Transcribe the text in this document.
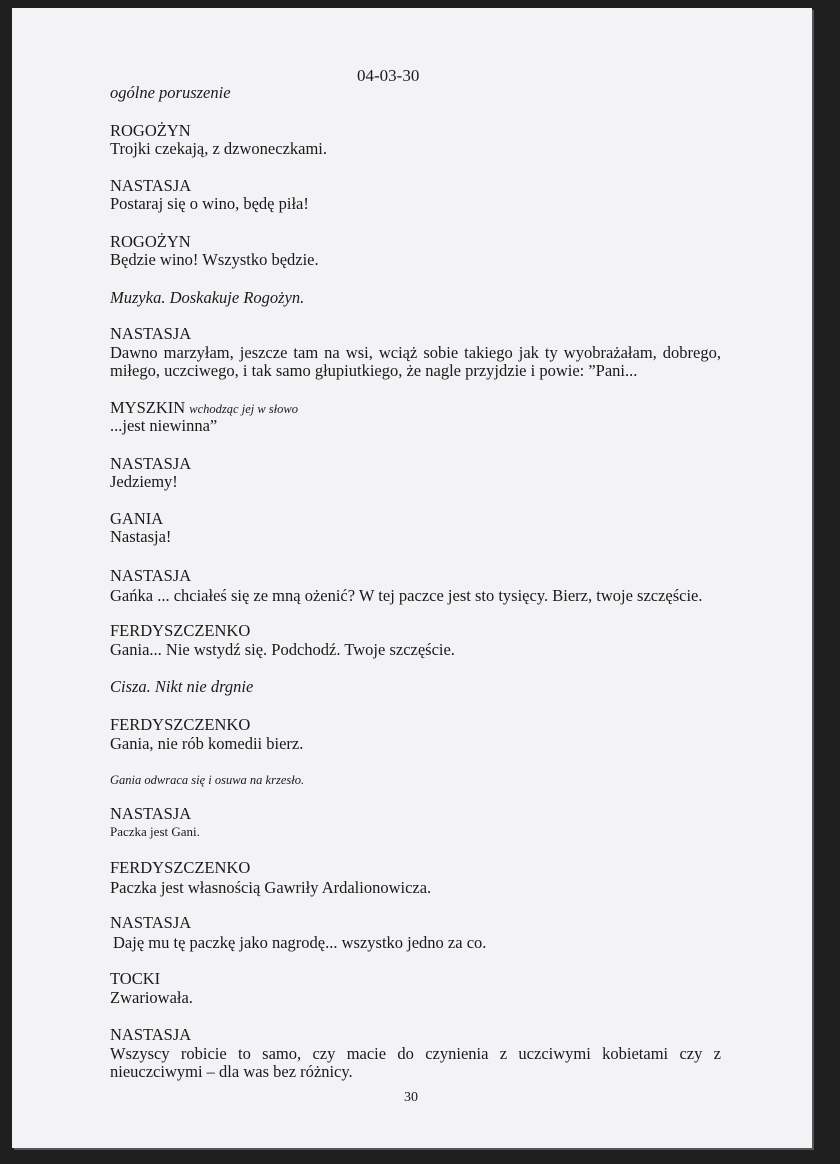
04-03-30
ogólne poruszenie
ROGOŻYN
Trojki czekają, z dzwoneczkami.
NASTASJA
Postaraj się o wino, będę piła!
ROGOŻYN
Będzie wino! Wszystko będzie.
Muzyka. Doskakuje Rogożyn.
NASTASJA
Dawno marzyłam, jeszcze tam na wsi, wciąż sobie takiego jak ty wyobrażałam, dobrego,
miłego, uczciwego, i tak samo głupiutkiego, że nagle przyjdzie i powie: ”Pani...
MYSZKIN wchodząc jej w słowo
...jest niewinna”
NASTASJA
Jedziemy!
GANIA
Nastasja!
NASTASJA
Gańka ... chciałeś się ze mną ożenić? W tej paczce jest sto tysięcy. Bierz, twoje szczęście.
FERDYSZCZENKO
Gania... Nie wstydź się. Podchodź. Twoje szczęście.
Cisza. Nikt nie drgnie
FERDYSZCZENKO
Gania, nie rób komedii bierz.
Gania odwraca się i osuwa na krzesło.
NASTASJA
Paczka jest Gani.
FERDYSZCZENKO
Paczka jest własnością Gawriły Ardalionowicza.
NASTASJA
Daję mu tę paczkę jako nagrodę... wszystko jedno za co.
TOCKI
Zwariowała.
NASTASJA
Wszyscy robicie to samo, czy macie do czynienia z uczciwymi kobietami czy z
nieuczciwymi – dla was bez różnicy.
30
